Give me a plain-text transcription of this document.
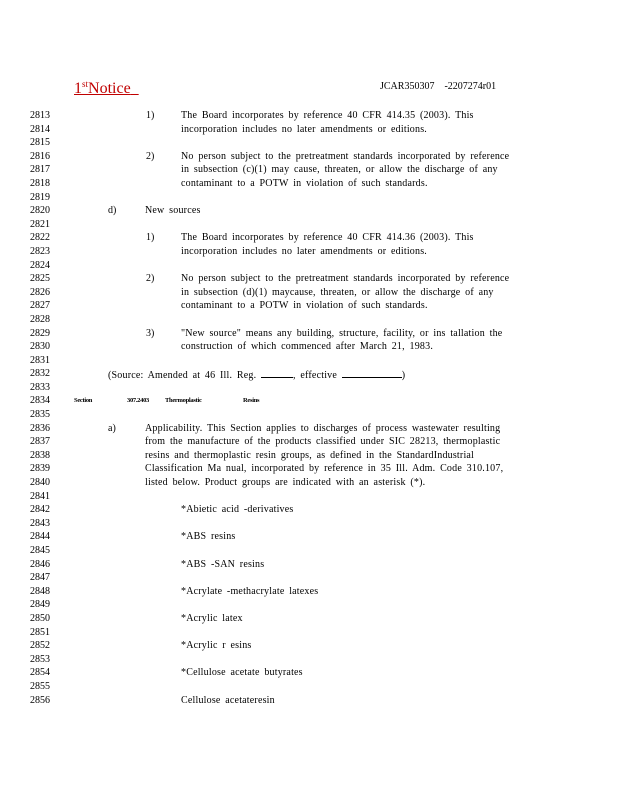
1stNotice	JCAR350307    -2207274r01
2813	1)	The Board incorporates by reference 40 CFR 414.35 (2003). This
2814	incorporation includes no later amendments or editions.
2815
2816	2)	No person subject to the pretreatment standards incorporated by reference
2817	in subsection (c)(1) may cause, threaten, or allow the discharge of any
2818	contaminant to a POTW in violation of such standards.
2819
2820	d)	New sources
2821
2822	1)	The Board incorporates by reference 40 CFR 414.36 (2003). This
2823	incorporation includes no later amendments or editions.
2824
2825	2)	No person subject to the pretreatment standards incorporated by reference
2826	in subsection (d)(1) maycause, threaten, or allow the discharge of any
2827	contaminant to a POTW in violation of such standards.
2828
2829	3)	"New source" means any building, structure, facility, or ins tallation the
2830	construction of which commenced after March 21, 1983.
2831
2832	(Source: Amended at 46 Ill. Reg.	, effective	)
2833
2834	Section	307.2403 Thermoplastic	Resins
2835
2836	a)	Applicability. This Section applies to discharges of process wastewater resulting
2837	from the manufacture of the products classified under SIC 28213, thermoplastic
2838	resins and thermoplastic resin groups, as defined in the StandardIndustrial
2839	Classification Ma nual, incorporated by reference in 35 Ill. Adm. Code 310.107,
2840	listed below. Product groups are indicated with an asterisk (*).
2841
2842	*Abietic acid -derivatives
2843
2844	*ABS resins
2845
2846	*ABS -SAN resins
2847
2848	*Acrylate -methacrylate latexes
2849
2850	*Acrylic latex
2851
2852	*Acrylic r esins
2853
2854	*Cellulose acetate butyrates
2855
2856	Cellulose acetateresin
